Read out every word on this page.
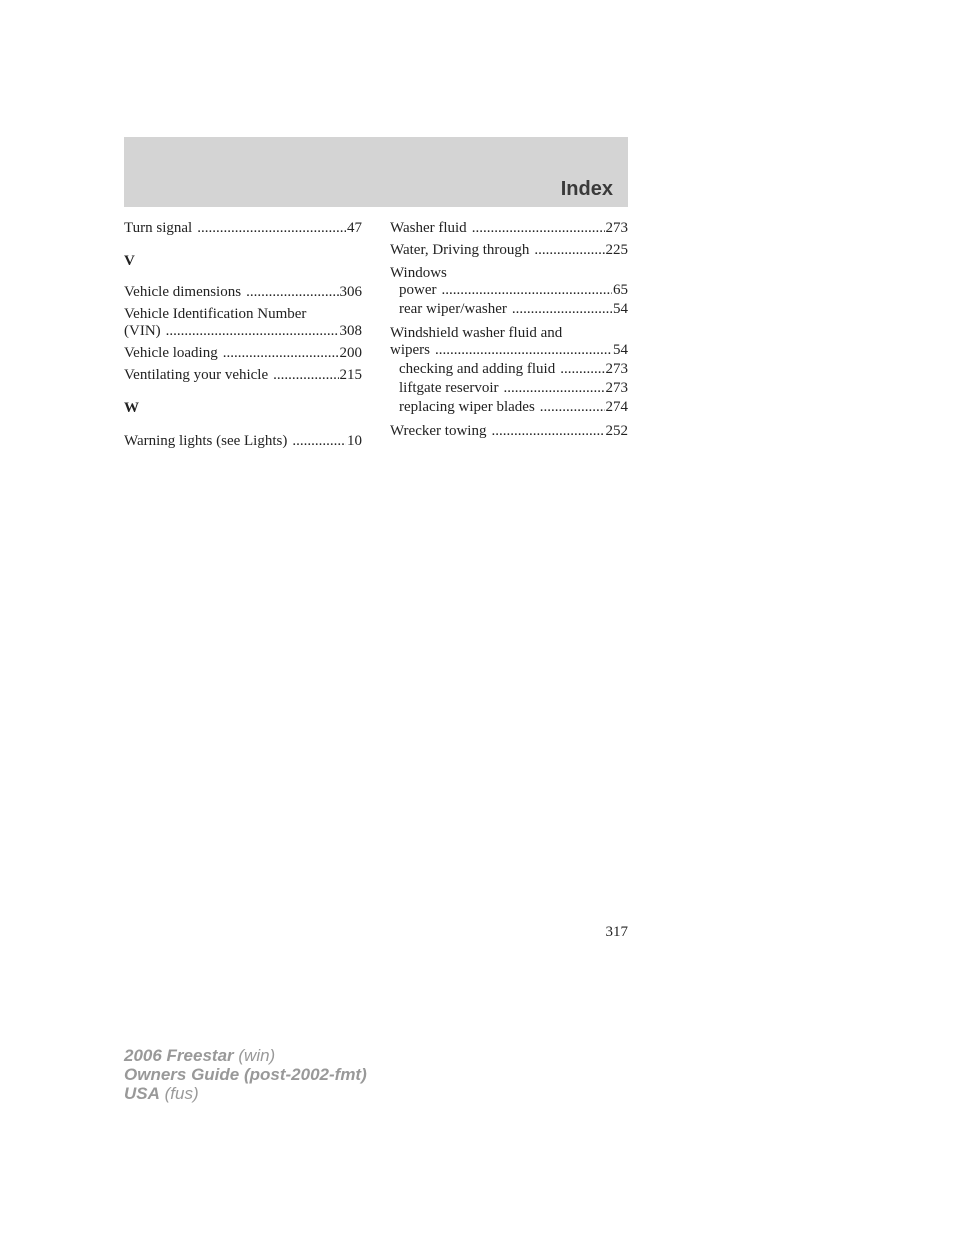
Index
Turn signal .....	47
V
Vehicle dimensions .....	306
Vehicle Identification Number
(VIN) .....	308
Vehicle loading .....	200
Ventilating your vehicle .....	215
W
Warning lights (see Lights) .....	10
Washer fluid .....	273
Water, Driving through .....	225
Windows
power .....	65
rear wiper/washer .....	54
Windshield washer fluid and
wipers .....	54
checking and adding fluid .....	273
liftgate reservoir .....	273
replacing wiper blades .....	274
Wrecker towing .....	252
317
2006 Freestar (win)
Owners Guide (post-2002-fmt)
USA (fus)
